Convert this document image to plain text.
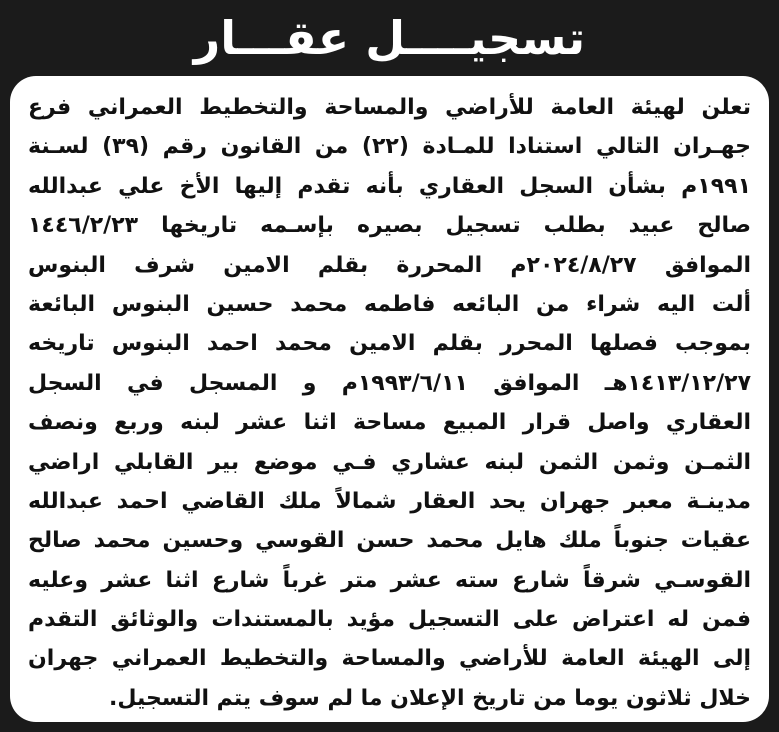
تسجيــــل عقـــار
تعلن لهيئة العامة للأراضي والمساحة والتخطيط العمراني فرع
جهـران التالي استنادا للمـادة (٢٢) من القانون رقم (٣٩) لسـنة
١٩٩١م بشأن السجل العقاري بأنه تقدم إليها الأخ علي عبدالله
صالح عبيد بطلب تسجيل بصيره بإسـمه تاريخها ١٤٤٦/٢/٢٣
الموافق ٢٠٢٤/٨/٢٧م المحررة بقلم الامين شرف البنوس
ألت اليه شراء من البائعه فاطمه محمد حسين البنوس البائعة
بموجب فصلها المحرر بقلم الامين محمد احمد البنوس تاريخه
١٤١٣/١٢/٢٧هـ الموافق ١٩٩٣/٦/١١م و المسجل في السجل
العقاري واصل قرار المبيع مساحة اثنا عشر لبنه وربع ونصف
الثمـن وثمن الثمن لبنه عشاري فـي موضع بير القابلي اراضي
مدينـة معبر جهران يحد العقار شمالاً ملك القاضي احمد عبدالله
عقيات جنوباً ملك هايل محمد حسن القوسي وحسين محمد صالح
القوسـي شرقاً شارع سته عشر متر غرباً شارع اثنا عشر وعليه
فمن له اعتراض على التسجيل مؤيد بالمستندات والوثائق التقدم
إلى الهيئة العامة للأراضي والمساحة والتخطيط العمراني جهران
خلال ثلاثون يوما من تاريخ الإعلان ما لم سوف يتم التسجيل.
